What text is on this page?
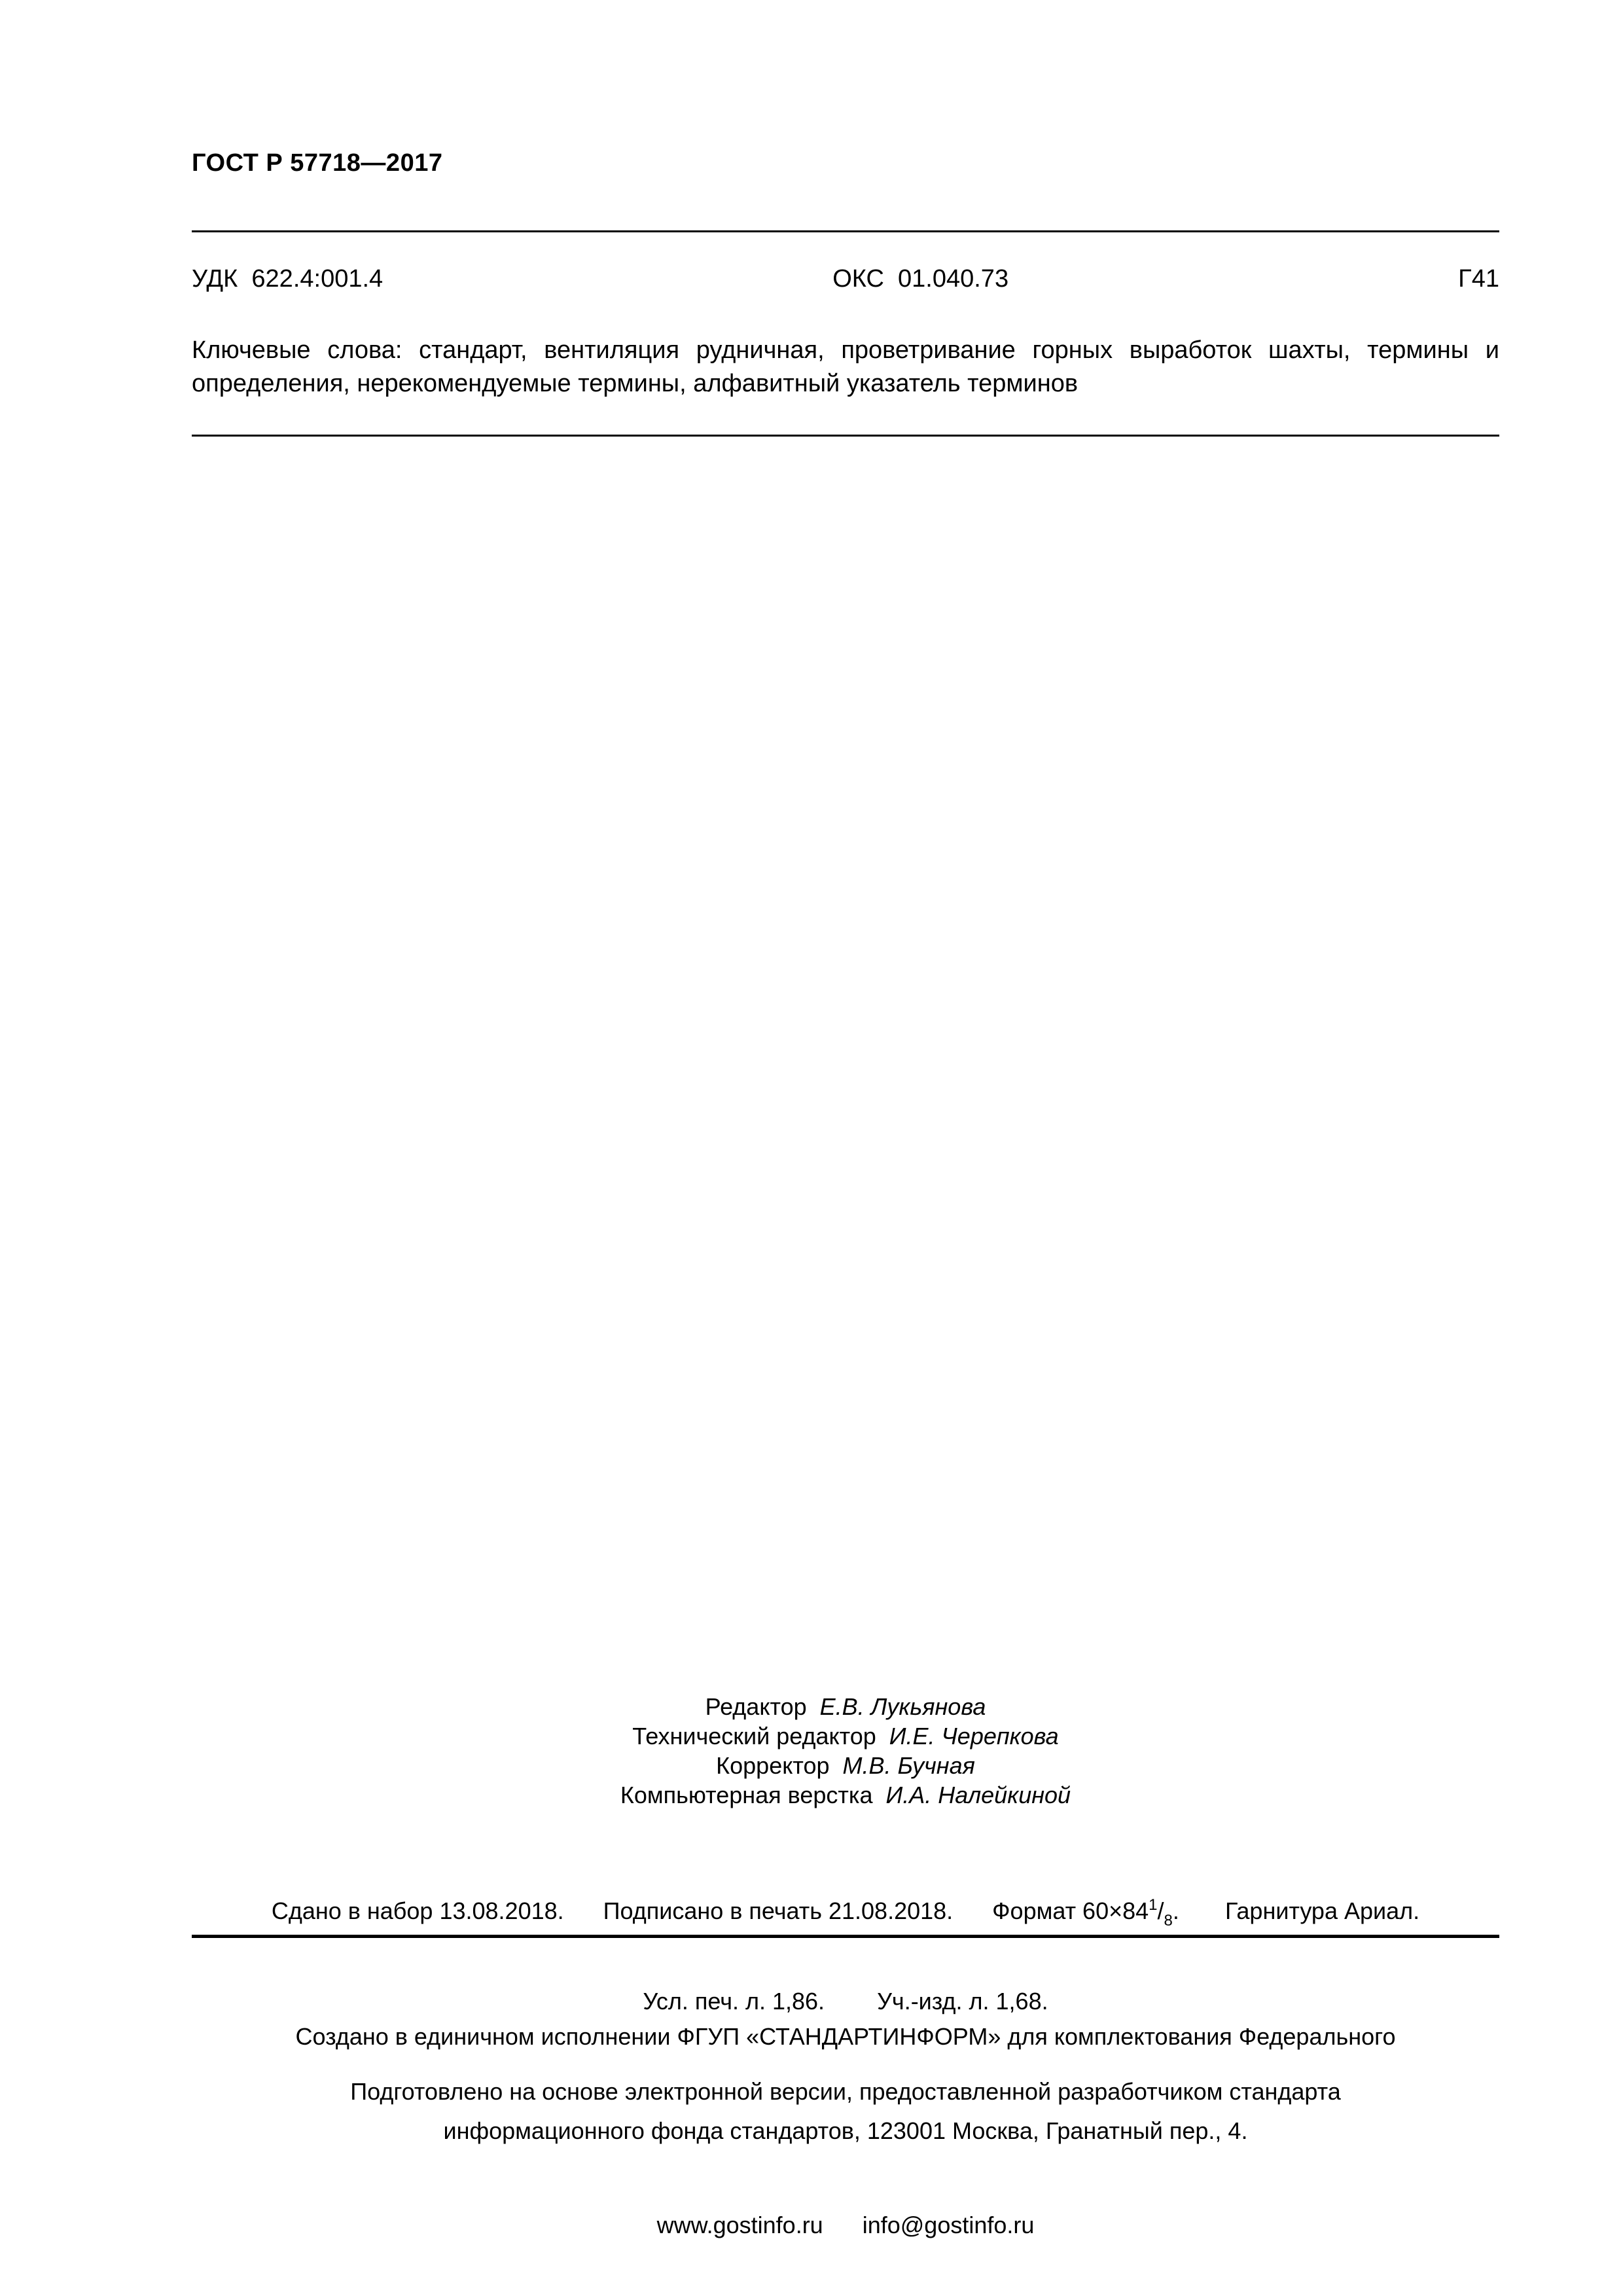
ГОСТ Р 57718—2017
УДК  622.4:001.4	ОКС  01.040.73	Г41
Ключевые слова: стандарт, вентиляция рудничная, проветривание горных выработок шахты, термины и определения, нерекомендуемые термины, алфавитный указатель терминов
Редактор  Е.В. Лукьянова
Технический редактор  И.Е. Черепкова
Корректор  М.В. Бучная
Компьютерная верстка  И.А. Налейкиной

Сдано в набор 13.08.2018. Подписано в печать 21.08.2018. Формат $60\times 84^1/_8$. Гарнитура Ариал.

Усл. печ. л. 1,86. Уч.-изд. л. 1,68.

Подготовлено на основе электронной версии, предоставленной разработчиком стандарта

Создано в единичном исполнении ФГУП «СТАНДАРТИНФОРМ» для комплектования Федерального

информационного фонда стандартов, 123001 Москва, Гранатный пер., 4.

www.gostinfo.ru info@gostinfo.ru
